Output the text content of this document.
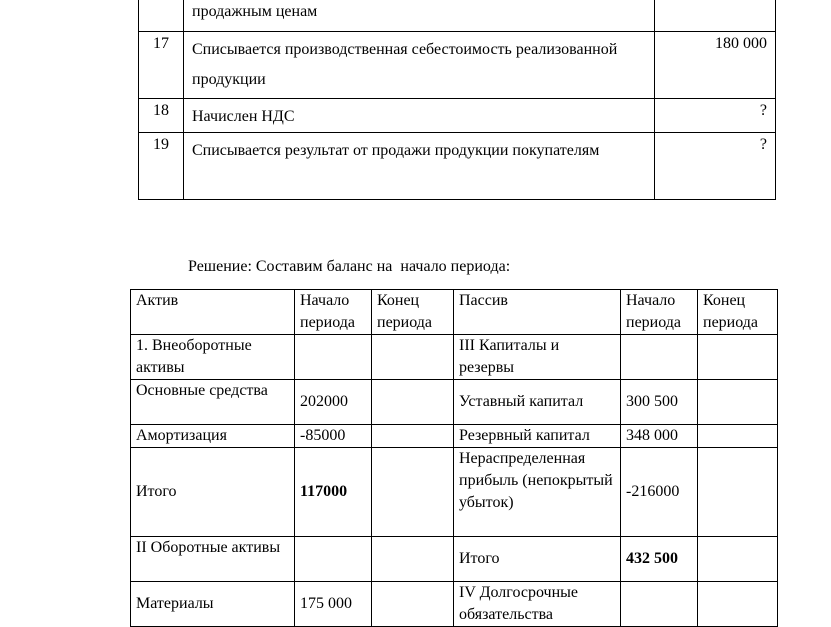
	продажным ценам	
17	Списывается производственная себестоимость реализованной продукции	180 000
18	Начислен НДС	?
19	Списывается результат от продажи продукции покупателям	?
Решение: Составим баланс на  начало периода:
Актив	Начало периода	Конец периода	Пассив	Начало периода	Конец периода
1. Внеоборотные активы			III Капиталы и резервы		
Основные средства	202000		Уставный капитал	300 500	
Амортизация	-85000		Резервный капитал	348 000	
Итого	117000		Нераспределенная прибыль (непокрытый убыток)	-216000	
II Оборотные активы			Итого	432 500	
Материалы	175 000		IV Долгосрочные обязательства		
